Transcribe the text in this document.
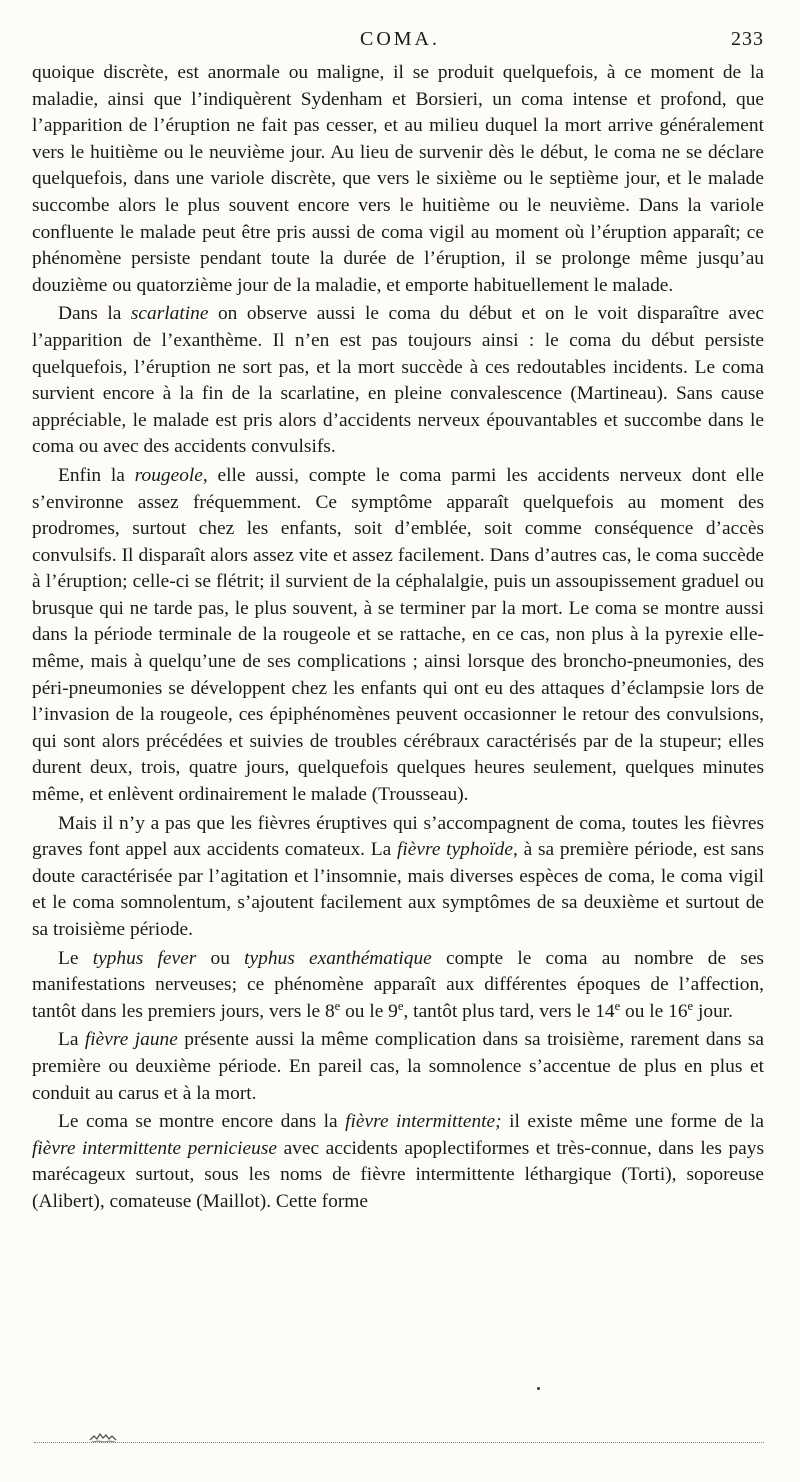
COMA.	233

quoique discrète, est anormale ou maligne, il se produit quelquefois, à ce moment de la maladie, ainsi que l’indiquèrent Sydenham et Borsieri, un coma intense et profond, que l’apparition de l’éruption ne fait pas cesser, et au milieu duquel la mort arrive généralement vers le huitième ou le neuvième jour. Au lieu de survenir dès le début, le coma ne se déclare quelquefois, dans une variole discrète, que vers le sixième ou le septième jour, et le malade succombe alors le plus souvent encore vers le huitième ou le neuvième. Dans la variole confluente le malade peut être pris aussi de coma vigil au moment où l’éruption apparaît; ce phénomène persiste pendant toute la durée de l’éruption, il se prolonge même jusqu’au douzième ou quatorzième jour de la maladie, et emporte habituellement le malade.

Dans la scarlatine on observe aussi le coma du début et on le voit disparaître avec l’apparition de l’exanthème. Il n’en est pas toujours ainsi : le coma du début persiste quelquefois, l’éruption ne sort pas, et la mort succède à ces redoutables incidents. Le coma survient encore à la fin de la scarlatine, en pleine convalescence (Martineau). Sans cause appréciable, le malade est pris alors d’accidents nerveux épouvantables et succombe dans le coma ou avec des accidents convulsifs.

Enfin la rougeole, elle aussi, compte le coma parmi les accidents nerveux dont elle s’environne assez fréquemment. Ce symptôme apparaît quelquefois au moment des prodromes, surtout chez les enfants, soit d’emblée, soit comme conséquence d’accès convulsifs. Il disparaît alors assez vite et assez facilement. Dans d’autres cas, le coma succède à l’éruption; celle-ci se flétrit; il survient de la céphalalgie, puis un assoupissement graduel ou brusque qui ne tarde pas, le plus souvent, à se terminer par la mort. Le coma se montre aussi dans la période terminale de la rougeole et se rattache, en ce cas, non plus à la pyrexie elle-même, mais à quelqu’une de ses complications ; ainsi lorsque des broncho-pneumonies, des péri-pneumonies se développent chez les enfants qui ont eu des attaques d’éclampsie lors de l’invasion de la rougeole, ces épiphénomènes peuvent occasionner le retour des convulsions, qui sont alors précédées et suivies de troubles cérébraux caractérisés par de la stupeur; elles durent deux, trois, quatre jours, quelquefois quelques heures seulement, quelques minutes même, et enlèvent ordinairement le malade (Trousseau).

Mais il n’y a pas que les fièvres éruptives qui s’accompagnent de coma, toutes les fièvres graves font appel aux accidents comateux. La fièvre typhoïde, à sa première période, est sans doute caractérisée par l’agitation et l’insomnie, mais diverses espèces de coma, le coma vigil et le coma somnolentum, s’ajoutent facilement aux symptômes de sa deuxième et surtout de sa troisième période.

Le typhus fever ou typhus exanthématique compte le coma au nombre de ses manifestations nerveuses; ce phénomène apparaît aux différentes époques de l’affection, tantôt dans les premiers jours, vers le 8e ou le 9e, tantôt plus tard, vers le 14e ou le 16e jour.

La fièvre jaune présente aussi la même complication dans sa troisième, rarement dans sa première ou deuxième période. En pareil cas, la somnolence s’accentue de plus en plus et conduit au carus et à la mort.

Le coma se montre encore dans la fièvre intermittente; il existe même une forme de la fièvre intermittente pernicieuse avec accidents apoplectiformes et très-connue, dans les pays marécageux surtout, sous les noms de fièvre intermittente léthargique (Torti), soporeuse (Alibert), comateuse (Maillot). Cette forme
